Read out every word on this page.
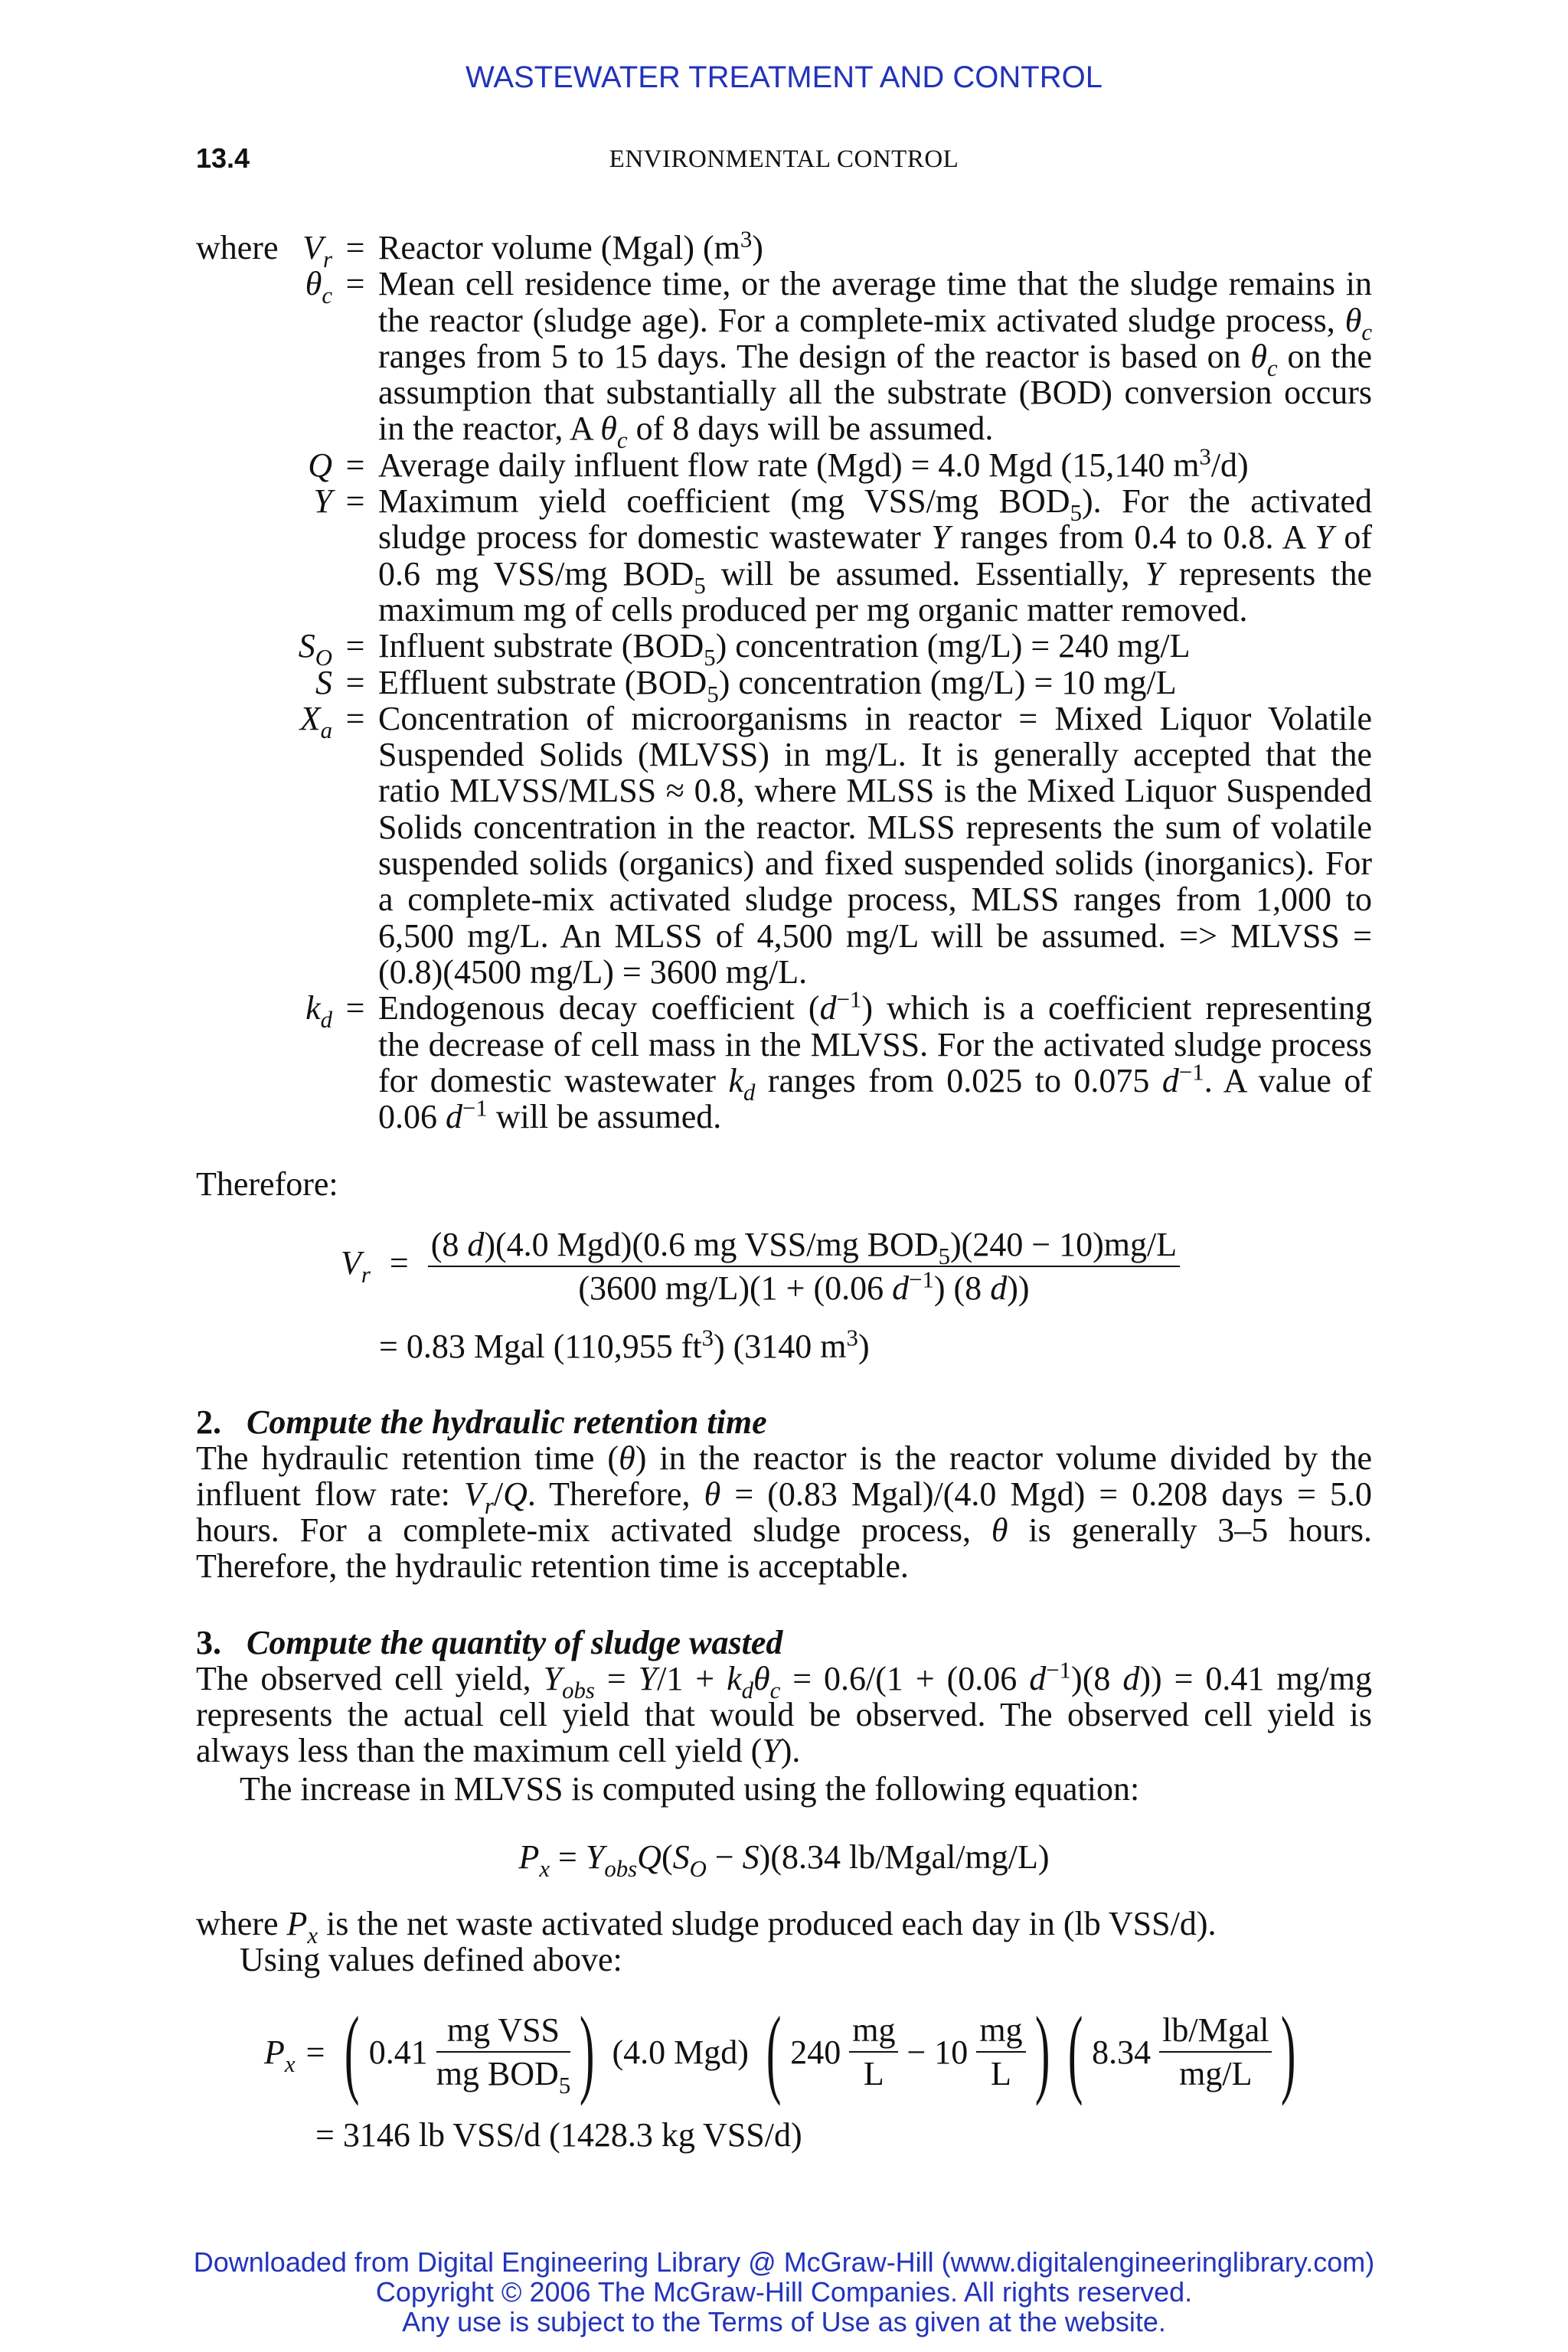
WASTEWATER TREATMENT AND CONTROL
13.4	ENVIRONMENTAL CONTROL
where	$V_r$	=	Reactor volume (Mgal) $(m^3)$
	$\theta_c$	=	Mean cell residence time, or the average time that the sludge remains in the reactor (sludge age). For a complete-mix activated sludge process, $\theta_c$ ranges from 5 to 15 days. The design of the reactor is based on $\theta_c$ on the assumption that substantially all the substrate (BOD) conversion occurs in the reactor, A $\theta_c$ of 8 days will be assumed.
	Q	=	Average daily influent flow rate (Mgd) = 4.0 Mgd (15,140 $m^3/d$)
	Y	=	Maximum yield coefficient (mg VSS/mg $BOD_5$). For the activated sludge process for domestic wastewater Y ranges from 0.4 to 0.8. A Y of 0.6 mg VSS/mg $BOD_5$ will be assumed. Essentially, Y represents the maximum mg of cells produced per mg organic matter removed.
	$S_O$	=	Influent substrate $(BOD_5)$ concentration (mg/L) = 240 mg/L
	S	=	Effluent substrate $(BOD_5)$ concentration (mg/L) = 10 mg/L
	$X_a$	=	Concentration of microorganisms in reactor = Mixed Liquor Volatile Suspended Solids (MLVSS) in mg/L. It is generally accepted that the ratio MLVSS/MLSS ≈ 0.8, where MLSS is the Mixed Liquor Suspended Solids concentration in the reactor. MLSS represents the sum of volatile suspended solids (organics) and fixed suspended solids (inorganics). For a complete-mix activated sludge process, MLSS ranges from 1,000 to 6,500 mg/L. An MLSS of 4,500 mg/L will be assumed. => MLVSS = (0.8)(4500 mg/L) = 3600 mg/L.
	$k_d$	=	Endogenous decay coefficient $(d^{-1})$ which is a coefficient representing the decrease of cell mass in the MLVSS. For the activated sludge process for domestic wastewater $k_d$ ranges from 0.025 to 0.075 $d^{-1}$. A value of 0.06 $d^{-1}$ will be assumed.
Therefore:
$V_r = \frac{(8 d)(4.0 Mgd)(0.6 mg VSS/mg BOD_5)(240 - 10)mg/L}{(3600 mg/L)(1 + (0.06 d^{-1}) (8 d))}$
= 0.83 Mgal (110,955 $ft^3$) (3140 $m^3$)
2. Compute the hydraulic retention time
The hydraulic retention time (θ) in the reactor is the reactor volume divided by the influent flow rate: $V_r/Q$. Therefore, θ = (0.83 Mgal)/(4.0 Mgd) = 0.208 days = 5.0 hours. For a complete-mix activated sludge process, θ is generally 3–5 hours. Therefore, the hydraulic retention time is acceptable.
3. Compute the quantity of sludge wasted
The observed cell yield, $Y_{obs} = Y/1 + k_d\theta_c = 0.6/(1 + (0.06$ $d^{-1})(8$ d)) = 0.41 mg/mg represents the actual cell yield that would be observed. The observed cell yield is always less than the maximum cell yield (Y).
The increase in MLVSS is computed using the following equation:
$P_x = Y_{obs}Q(S_O - S)(8.34$ lb/Mgal/mg/L)
where $P_x$ is the net waste activated sludge produced each day in (lb VSS/d).
Using values defined above:
$P_x$ = ( $0.41 \frac{\text{mg VSS}}{mg BOD_5}$ ) (4.0 Mgd) ( $240 \frac{mg}{L} - 10 \frac{mg}{L}$ ) ( $8.34 \frac{\text{lb/Mgal}}{mg/L}$ )
= 3146 lb VSS/d (1428.3 kg VSS/d)
Downloaded from Digital Engineering Library @ McGraw-Hill (www.digitalengineeringlibrary.com)
Copyright © 2006 The McGraw-Hill Companies. All rights reserved.
Any use is subject to the Terms of Use as given at the website.
